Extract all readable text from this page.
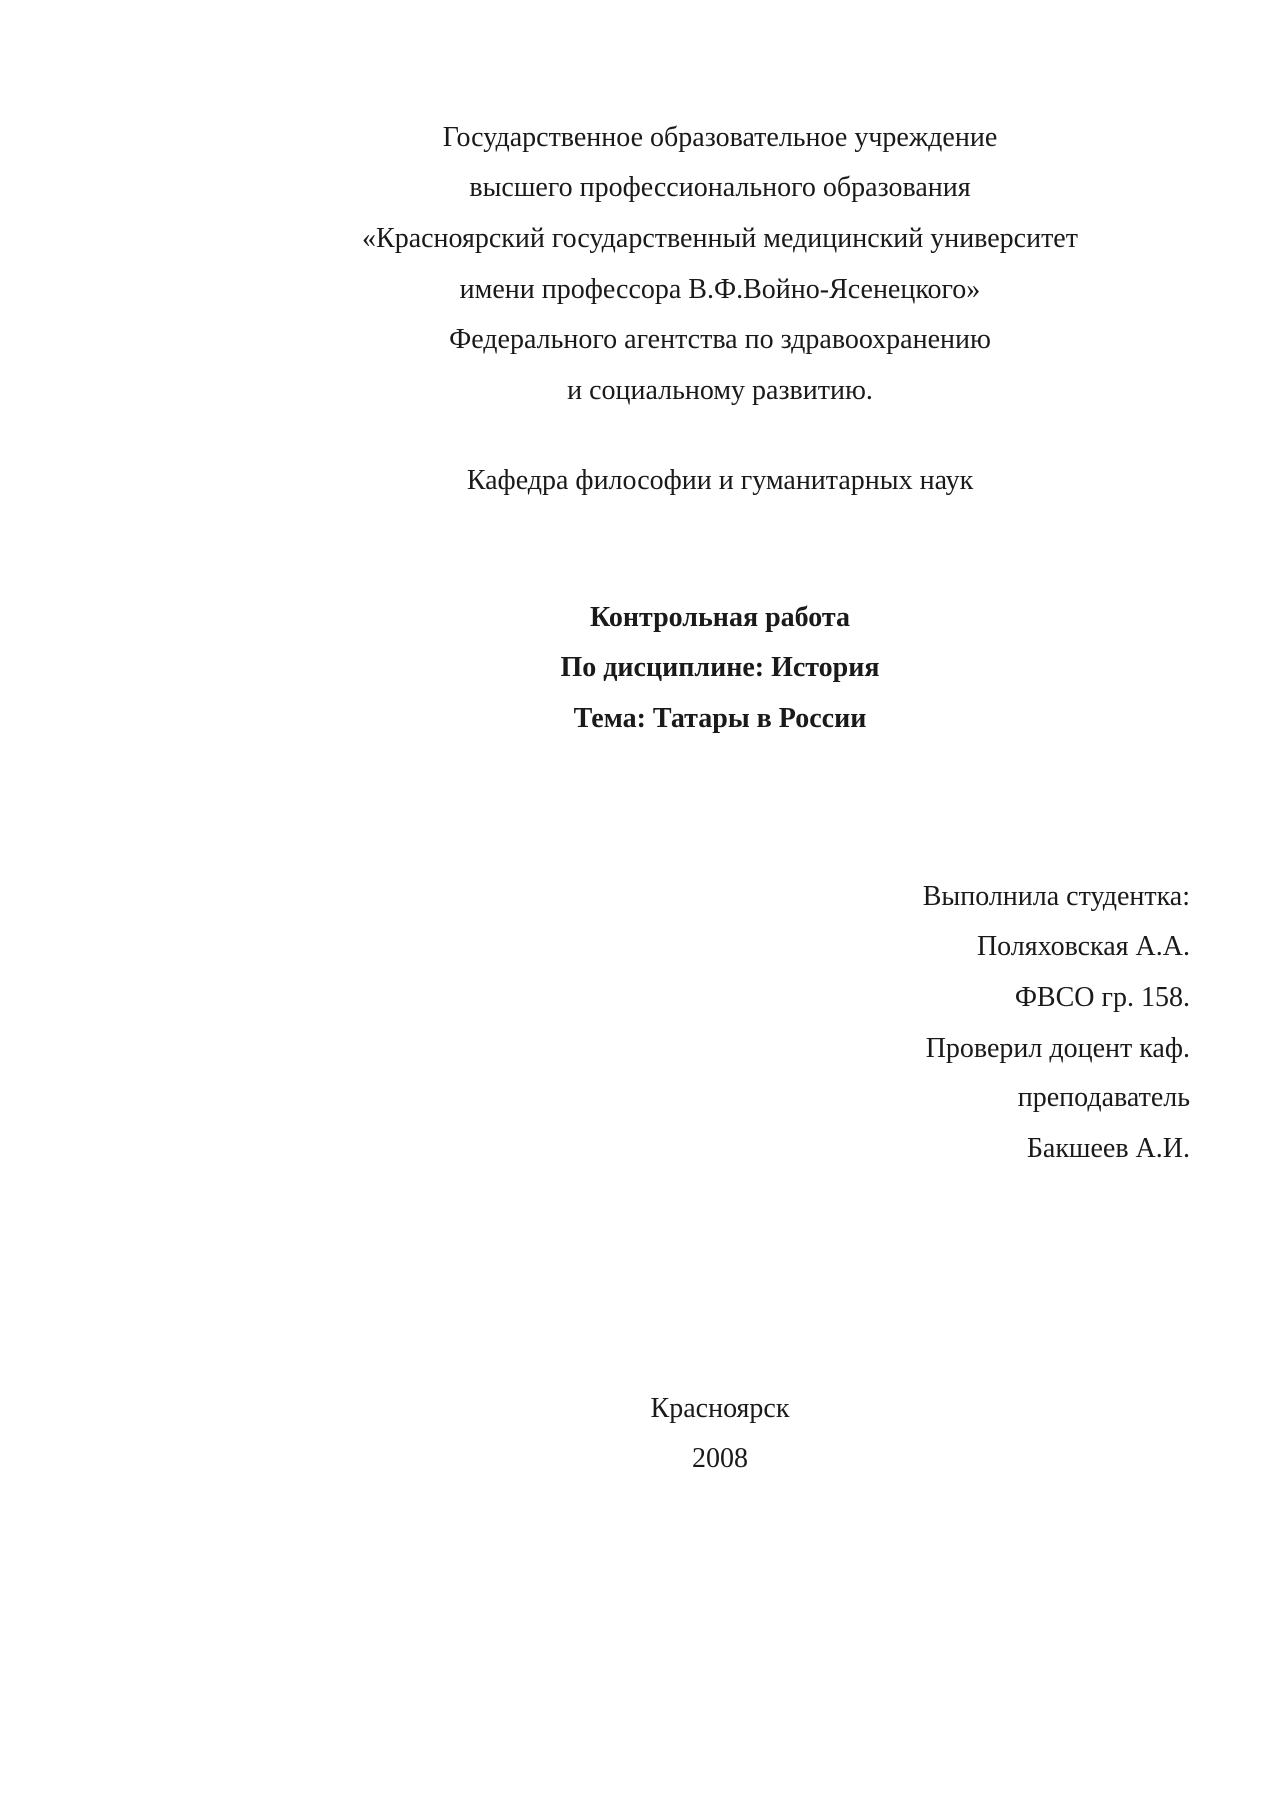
Государственное образовательное учреждение
высшего профессионального образования
«Красноярский государственный медицинский университет
имени профессора В.Ф.Войно-Ясенецкого»
Федерального агентства по здравоохранению
и социальному развитию.
Кафедра философии и гуманитарных наук
Контрольная работа
По дисциплине: История
Тема: Татары в России
Выполнила студентка:
Поляховская А.А.
ФВСО гр. 158.
Проверил доцент каф.
преподаватель
Бакшеев А.И.
Красноярск
2008
